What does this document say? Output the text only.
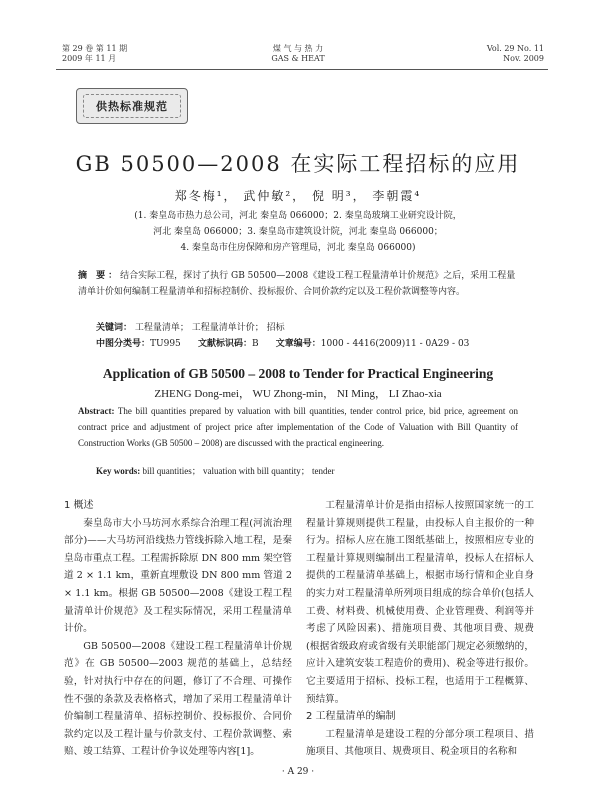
第 29 卷 第 11 期
2009 年 11 月
煤 气 与 热 力
GAS & HEAT
Vol. 29 No. 11
Nov. 2009
供热标准规范
GB 50500—2008 在实际工程招标的应用
郑冬梅¹， 武仲敏²， 倪 明³， 李朝霞⁴
(1. 秦皇岛市热力总公司，河北 秦皇岛 066000；2. 秦皇岛玻璃工业研究设计院，
河北 秦皇岛 066000；3. 秦皇岛市建筑设计院，河北 秦皇岛 066000；
4. 秦皇岛市住房保障和房产管理局，河北 秦皇岛 066000)
摘 要：结合实际工程，探讨了执行 GB 50500—2008《建设工程工程量清单计价规范》之后，采用工程量清单计价如何编制工程量清单和招标控制价、投标报价、合同价款约定以及工程价款调整等内容。
关键词： 工程量清单； 工程量清单计价； 招标
中图分类号：TU995 文献标识码：B 文章编号：1000 - 4416(2009)11 - 0A29 - 03
Application of GB 50500 – 2008 to Tender for Practical Engineering
ZHENG Dong-mei， WU Zhong-min， NI Ming， LI Zhao-xia
Abstract: The bill quantities prepared by valuation with bill quantities, tender control price, bid price, agreement on contract price and adjustment of project price after implementation of the Code of Valuation with Bill Quantity of Construction Works (GB 50500 – 2008) are discussed with the practical engineering.
Key words: bill quantities； valuation with bill quantity； tender
1 概述

秦皇岛市大小马坊河水系综合治理工程(河流治理部分)——大马坊河沿线热力管线拆除入地工程，是秦皇岛市重点工程。工程需拆除原 DN 800 mm 架空管道 2 × 1.1 km，重新直埋敷设 DN 800 mm 管道 2 × 1.1 km。根据 GB 50500—2008《建设工程工程量清单计价规范》及工程实际情况，采用工程量清单计价。

GB 50500—2008《建设工程工程量清单计价规范》在 GB 50500—2003 规范的基础上，总结经验，针对执行中存在的问题，修订了不合理、可操作性不强的条款及表格格式，增加了采用工程量清单计价编制工程量清单、招标控制价、投标报价、合同价款约定以及工程计量与价款支付、工程价款调整、索赔、竣工结算、工程计价争议处理等内容[1]。

工程量清单计价是指由招标人按照国家统一的工程量计算规则提供工程量，由投标人自主报价的一种行为。招标人应在施工图纸基础上，按照相应专业的工程量计算规则编制出工程量清单，投标人在招标人提供的工程量清单基础上，根据市场行情和企业自身的实力对工程量清单所列项目组成的综合单价(包括人工费、材料费、机械使用费、企业管理费、利润等并考虑了风险因素)、措施项目费、其他项目费、规费(根据省级政府或省级有关职能部门规定必须缴纳的，应计入建筑安装工程造价的费用)、税金等进行报价。它主要适用于招标、投标工程，也适用于工程概算、预结算。

2 工程量清单的编制

工程量清单是建设工程的分部分项工程项目、措施项目、其他项目、规费项目、税金项目的名称和

· A 29 ·
